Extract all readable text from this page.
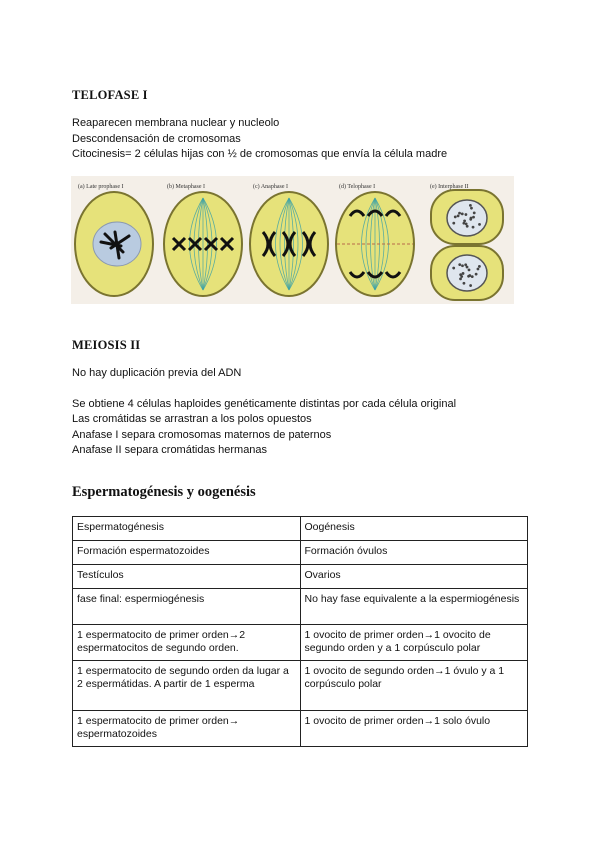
TELOFASE I
Reaparecen membrana nuclear y nucleolo
Descondensación de cromosomas
Citocinesis= 2 células hijas con ½ de cromosomas que envía la célula madre
(a) Late prophase I	(b) Metaphase I	(c) Anaphase I	(d) Telophase I	(e) Interphase II
MEIOSIS II
No hay duplicación previa del ADN
Se obtiene 4 células haploides genéticamente distintas por cada célula original
Las cromátidas se arrastran a los polos opuestos
Anafase I separa cromosomas maternos de paternos
Anafase II separa cromátidas hermanas
Espermatogénesis y oogenésis
Espermatogénesis	Oogénesis
Formación espermatozoides	Formación óvulos
Testículos	Ovarios
fase final: espermiogénesis	No hay fase equivalente a la espermiogénesis
1 espermatocito de primer orden→2 espermatocitos de segundo orden.	1 ovocito de primer orden→1 ovocito de segundo orden y a 1 corpúsculo polar
1 espermatocito de segundo orden da lugar a 2 espermátidas. A partir de 1 esperma	1 ovocito de segundo orden→1 óvulo y a 1 corpúsculo polar
1 espermatocito de primer orden→ espermatozoides	1 ovocito de primer orden→1 solo óvulo
